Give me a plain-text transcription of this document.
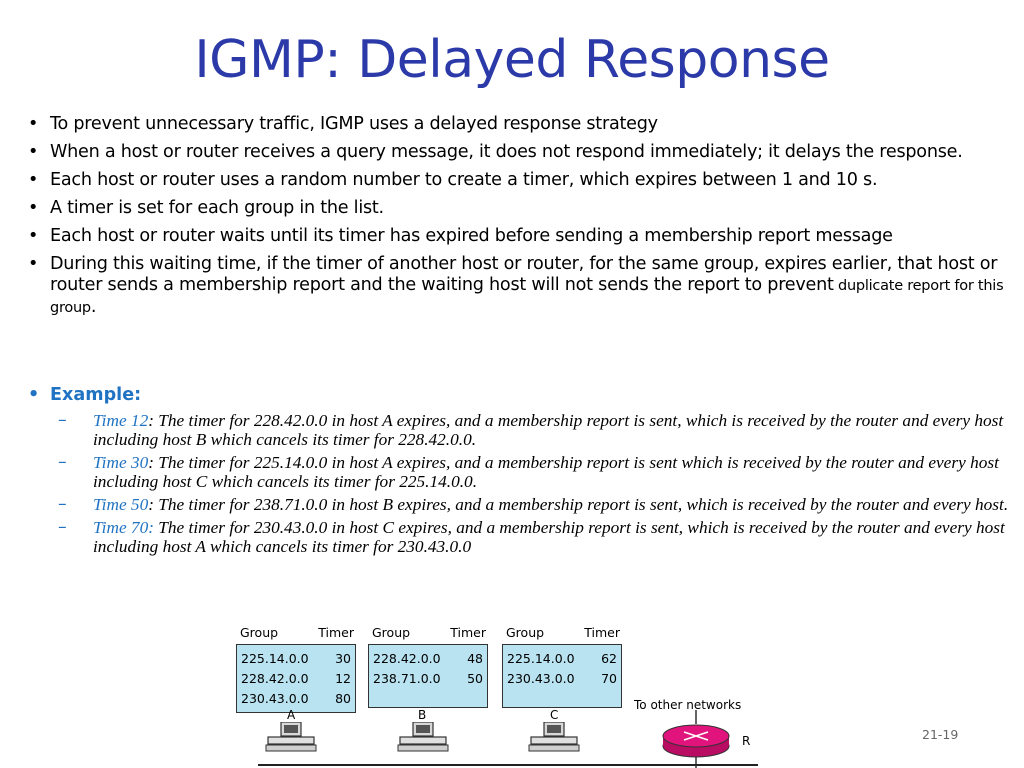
IGMP: Delayed Response
• To prevent unnecessary traffic, IGMP uses a delayed response strategy
• When a host or router receives a query message, it does not respond immediately; it delays the response.
• Each host or router uses a random number to create a timer, which expires between 1 and 10 s.
• A timer is set for each group in the list.
• Each host or router waits until its timer has expired before sending a membership report message
• During this waiting time, if the timer of another host or router, for the same group, expires earlier, that host or router sends a membership report and the waiting host will not sends the report to prevent duplicate report for this group.
• Example:
– Time 12: The timer for 228.42.0.0 in host A expires, and a membership report is sent, which is received by the router and every host including host B which cancels its timer for 228.42.0.0.
– Time 30: The timer for 225.14.0.0 in host A expires, and a membership report is sent which is received by the router and every host including host C which cancels its timer for 225.14.0.0.
– Time 50: The timer for 238.71.0.0 in host B expires, and a membership report is sent, which is received by the router and every host.
– Time 70: The timer for 230.43.0.0 in host C expires, and a membership report is sent, which is received by the router and every host including host A which cancels its timer for 230.43.0.0
Group	Timer
225.14.0.0 30
228.42.0.0 12
230.43.0.0 80
Group	Timer
228.42.0.0 48
238.71.0.0 50
Group	Timer
225.14.0.0 62
230.43.0.0 70
A	B	C
To other networks
R	21-19
